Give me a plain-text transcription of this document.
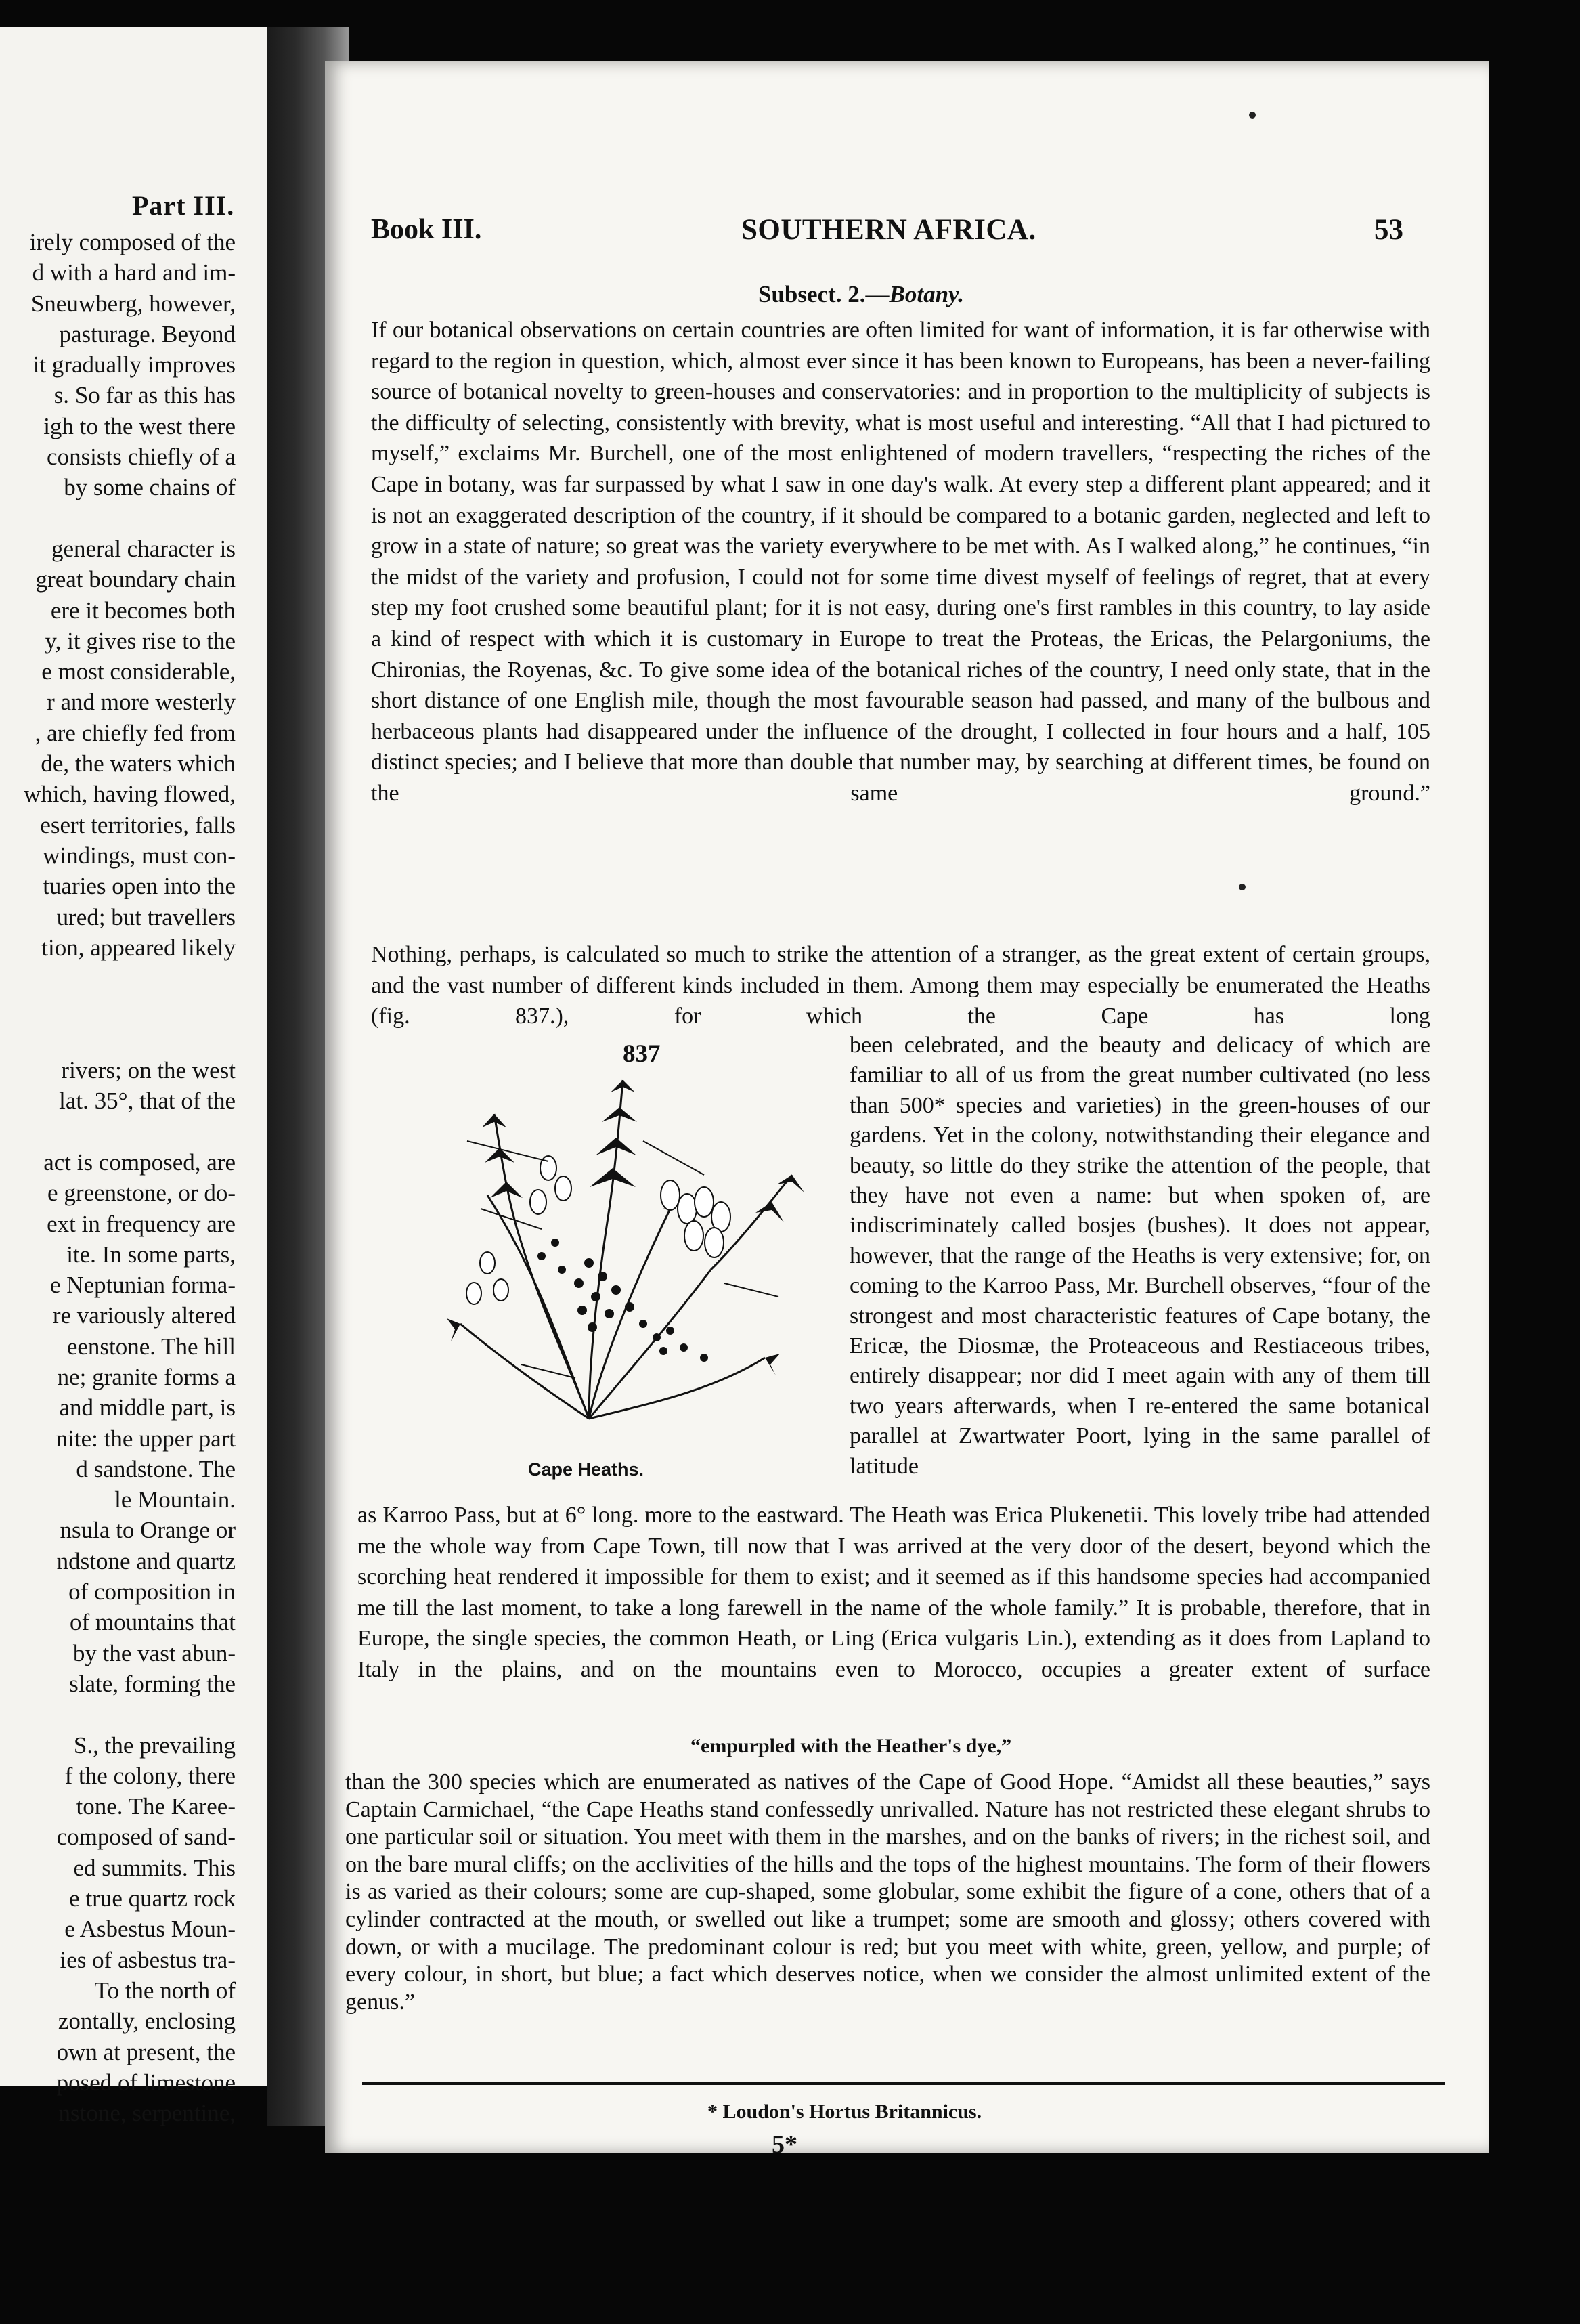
Part III.
irely composed of the
d with a hard and im-
Sneuwberg, however,
pasturage. Beyond
it gradually improves
s. So far as this has
igh to the west there
consists chiefly of a
by some chains of

general character is
great boundary chain
ere it becomes both
y, it gives rise to the
e most considerable,
r and more westerly
, are chiefly fed from
de, the waters which
which, having flowed,
esert territories, falls
windings, must con-
tuaries open into the
ured; but travellers
tion, appeared likely

rivers; on the west
lat. 35°, that of the

act is composed, are
e greenstone, or do-
ext in frequency are
ite. In some parts,
e Neptunian forma-
re variously altered
eenstone. The hill
ne; granite forms a
and middle part, is
nite: the upper part
d sandstone. The
le Mountain.
nsula to Orange or
ndstone and quartz
of composition in
of mountains that
by the vast abun-
slate, forming the

S., the prevailing
f the colony, there
tone. The Karee-
composed of sand-
ed summits. This
e true quartz rock
e Asbestus Moun-
ies of asbestus tra-
To the north of
zontally, enclosing
own at present, the
posed of limestone
nstone, serpentine,
Book III.	SOUTHERN AFRICA.	53
Subsect. 2.—Botany.
If our botanical observations on certain countries are often limited for want of information, it is far otherwise with regard to the region in question, which, almost ever since it has been known to Europeans, has been a never-failing source of botanical novelty to green-houses and conservatories: and in proportion to the multiplicity of subjects is the difficulty of selecting, consistently with brevity, what is most useful and interesting. “All that I had pictured to myself,” exclaims Mr. Burchell, one of the most enlightened of modern travellers, “respecting the riches of the Cape in botany, was far surpassed by what I saw in one day's walk. At every step a different plant appeared; and it is not an exaggerated description of the country, if it should be compared to a botanic garden, neglected and left to grow in a state of nature; so great was the variety everywhere to be met with. As I walked along,” he continues, “in the midst of the variety and profusion, I could not for some time divest myself of feelings of regret, that at every step my foot crushed some beautiful plant; for it is not easy, during one's first rambles in this country, to lay aside a kind of respect with which it is customary in Europe to treat the Proteas, the Ericas, the Pelargoniums, the Chironias, the Royenas, &c. To give some idea of the botanical riches of the country, I need only state, that in the short distance of one English mile, though the most favourable season had passed, and many of the bulbous and herbaceous plants had disappeared under the influence of the drought, I collected in four hours and a half, 105 distinct species; and I believe that more than double that number may, by searching at different times, be found on the same ground.”
Nothing, perhaps, is calculated so much to strike the attention of a stranger, as the great extent of certain groups, and the vast number of different kinds included in them. Among them may especially be enumerated the Heaths (fig. 837.), for which the Cape has long
837
Cape Heaths.
been celebrated, and the beauty and delicacy of which are familiar to all of us from the great number cultivated (no less than 500* species and varieties) in the green-houses of our gardens. Yet in the colony, notwithstanding their elegance and beauty, so little do they strike the attention of the people, that they have not even a name: but when spoken of, are indiscriminately called bosjes (bushes). It does not appear, however, that the range of the Heaths is very extensive; for, on coming to the Karroo Pass, Mr. Burchell observes, “four of the strongest and most characteristic features of Cape botany, the Ericæ, the Diosmæ, the Proteaceous and Restiaceous tribes, entirely disappear; nor did I meet again with any of them till two years afterwards, when I re-entered the same botanical parallel at Zwartwater Poort, lying in the same parallel of latitude
as Karroo Pass, but at 6° long. more to the eastward. The Heath was Erica Plukenetii. This lovely tribe had attended me the whole way from Cape Town, till now that I was arrived at the very door of the desert, beyond which the scorching heat rendered it impossible for them to exist; and it seemed as if this handsome species had accompanied me till the last moment, to take a long farewell in the name of the whole family.” It is probable, therefore, that in Europe, the single species, the common Heath, or Ling (Erica vulgaris Lin.), extending as it does from Lapland to Italy in the plains, and on the mountains even to Morocco, occupies a greater extent of surface
“empurpled with the Heather's dye,”
than the 300 species which are enumerated as natives of the Cape of Good Hope. “Amidst all these beauties,” says Captain Carmichael, “the Cape Heaths stand confessedly unrivalled. Nature has not restricted these elegant shrubs to one particular soil or situation. You meet with them in the marshes, and on the banks of rivers; in the richest soil, and on the bare mural cliffs; on the acclivities of the hills and the tops of the highest mountains. The form of their flowers is as varied as their colours; some are cup-shaped, some globular, some exhibit the figure of a cone, others that of a cylinder contracted at the mouth, or swelled out like a trumpet; some are smooth and glossy; others covered with down, or with a mucilage. The predominant colour is red; but you meet with white, green, yellow, and purple; of every colour, in short, but blue; a fact which deserves notice, when we consider the almost unlimited extent of the genus.”
* Loudon's Hortus Britannicus.
5*
